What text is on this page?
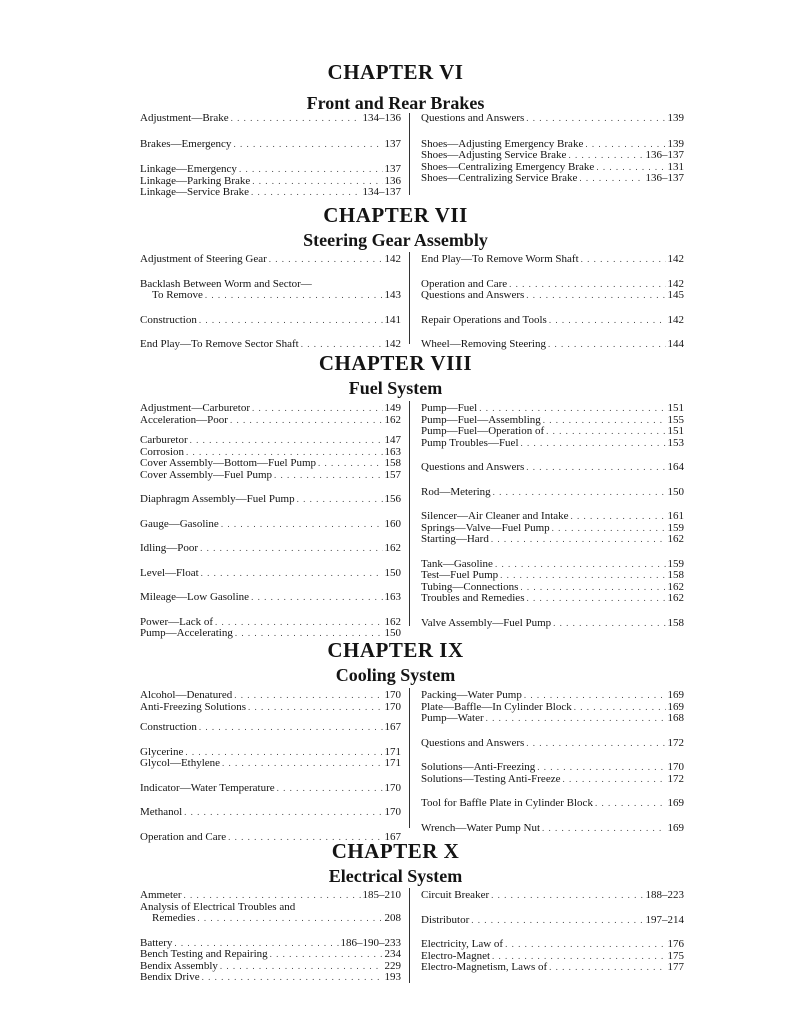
CHAPTER VI
Front and Rear Brakes
Adjustment—Brake . . .	134–136
Brakes—Emergency . . .	137
Linkage—Emergency . . .	137
Linkage—Parking Brake . . .	136
Linkage—Service Brake . . .	134–137
Questions and Answers . . .	139
Shoes—Adjusting Emergency Brake . . .	139
Shoes—Adjusting Service Brake . . .	136–137
Shoes—Centralizing Emergency Brake . . .	131
Shoes—Centralizing Service Brake . . .	136–137
CHAPTER VII
Steering Gear Assembly
Adjustment of Steering Gear . . .	142
Backlash Between Worm and Sector—
To Remove . . .	143
Construction . . .	141
End Play—To Remove Sector Shaft . . .	142
End Play—To Remove Worm Shaft . . .	142
Operation and Care . . .	142
Questions and Answers . . .	145
Repair Operations and Tools . . .	142
Wheel—Removing Steering . . .	144
CHAPTER VIII
Fuel System
Adjustment—Carburetor . . .	149
Acceleration—Poor . . .	162
Carburetor . . .	147
Corrosion . . .	163
Cover Assembly—Bottom—Fuel Pump . . .	158
Cover Assembly—Fuel Pump . . .	157
Diaphragm Assembly—Fuel Pump . . .	156
Gauge—Gasoline . . .	160
Idling—Poor . . .	162
Level—Float . . .	150
Mileage—Low Gasoline . . .	163
Power—Lack of . . .	162
Pump—Accelerating . . .	150
Pump—Fuel . . .	151
Pump—Fuel—Assembling . . .	155
Pump—Fuel—Operation of . . .	151
Pump Troubles—Fuel . . .	153
Questions and Answers . . .	164
Rod—Metering . . .	150
Silencer—Air Cleaner and Intake . . .	161
Springs—Valve—Fuel Pump . . .	159
Starting—Hard . . .	162
Tank—Gasoline . . .	159
Test—Fuel Pump . . .	158
Tubing—Connections . . .	162
Troubles and Remedies . . .	162
Valve Assembly—Fuel Pump . . .	158
CHAPTER IX
Cooling System
Alcohol—Denatured . . .	170
Anti-Freezing Solutions . . .	170
Construction . . .	167
Glycerine . . .	171
Glycol—Ethylene . . .	171
Indicator—Water Temperature . . .	170
Methanol . . .	170
Operation and Care . . .	167
Packing—Water Pump . . .	169
Plate—Baffle—In Cylinder Block . . .	169
Pump—Water . . .	168
Questions and Answers . . .	172
Solutions—Anti-Freezing . . .	170
Solutions—Testing Anti-Freeze . . .	172
Tool for Baffle Plate in Cylinder Block . . .	169
Wrench—Water Pump Nut . . .	169
CHAPTER X
Electrical System
Ammeter . . .	185–210
Analysis of Electrical Troubles and
Remedies . . .	208
Battery . . .	186–190–233
Bench Testing and Repairing . . .	234
Bendix Assembly . . .	229
Bendix Drive . . .	193
Circuit Breaker . . .	188–223
Distributor . . .	197–214
Electricity, Law of . . .	176
Electro-Magnet . . .	175
Electro-Magnetism, Laws of . . .	177
